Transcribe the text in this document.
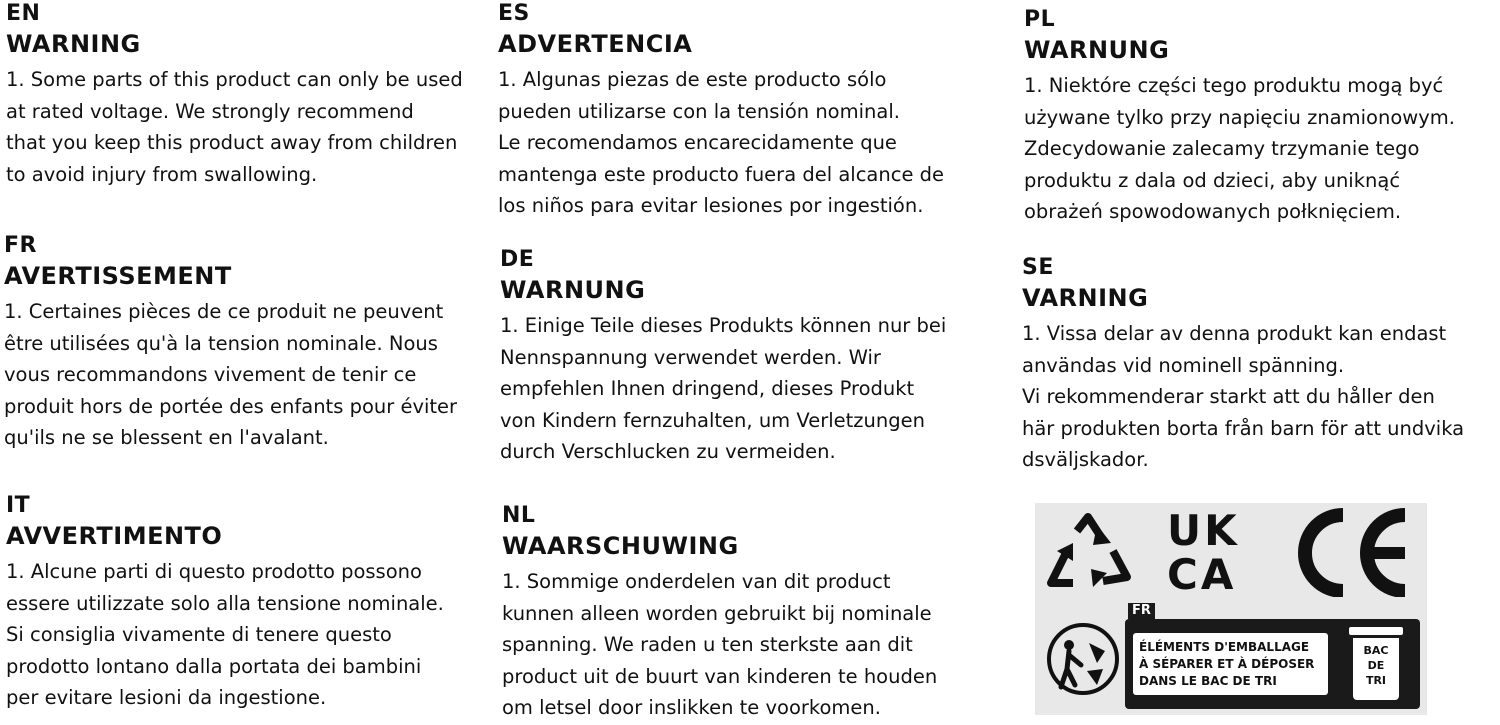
EN
WARNING
1. Some parts of this product can only be used
at rated voltage. We strongly recommend
that you keep this product away from children
to avoid injury from swallowing.
FR
AVERTISSEMENT
1. Certaines pièces de ce produit ne peuvent
être utilisées qu'à la tension nominale. Nous
vous recommandons vivement de tenir ce
produit hors de portée des enfants pour éviter
qu'ils ne se blessent en l'avalant.
IT
AVVERTIMENTO
1. Alcune parti di questo prodotto possono
essere utilizzate solo alla tensione nominale.
Si consiglia vivamente di tenere questo
prodotto lontano dalla portata dei bambini
per evitare lesioni da ingestione.
ES
ADVERTENCIA
1. Algunas piezas de este producto sólo
pueden utilizarse con la tensión nominal.
Le recomendamos encarecidamente que
mantenga este producto fuera del alcance de
los niños para evitar lesiones por ingestión.
DE
WARNUNG
1. Einige Teile dieses Produkts können nur bei
Nennspannung verwendet werden. Wir
empfehlen Ihnen dringend, dieses Produkt
von Kindern fernzuhalten, um Verletzungen
durch Verschlucken zu vermeiden.
NL
WAARSCHUWING
1. Sommige onderdelen van dit product
kunnen alleen worden gebruikt bij nominale
spanning. We raden u ten sterkste aan dit
product uit de buurt van kinderen te houden
om letsel door inslikken te voorkomen.
PL
WARNUNG
1. Niektóre części tego produktu mogą być
używane tylko przy napięciu znamionowym.
Zdecydowanie zalecamy trzymanie tego
produktu z dala od dzieci, aby uniknąć
obrażeń spowodowanych połknięciem.
SE
VARNING
1. Vissa delar av denna produkt kan endast
användas vid nominell spänning.
Vi rekommenderar starkt att du håller den
här produkten borta från barn för att undvika
dsväljskador.
UK
CA
FR
ÉLÉMENTS D'EMBALLAGE
À SÉPARER ET À DÉPOSER
DANS LE BAC DE TRI
BAC
DE
TRI
